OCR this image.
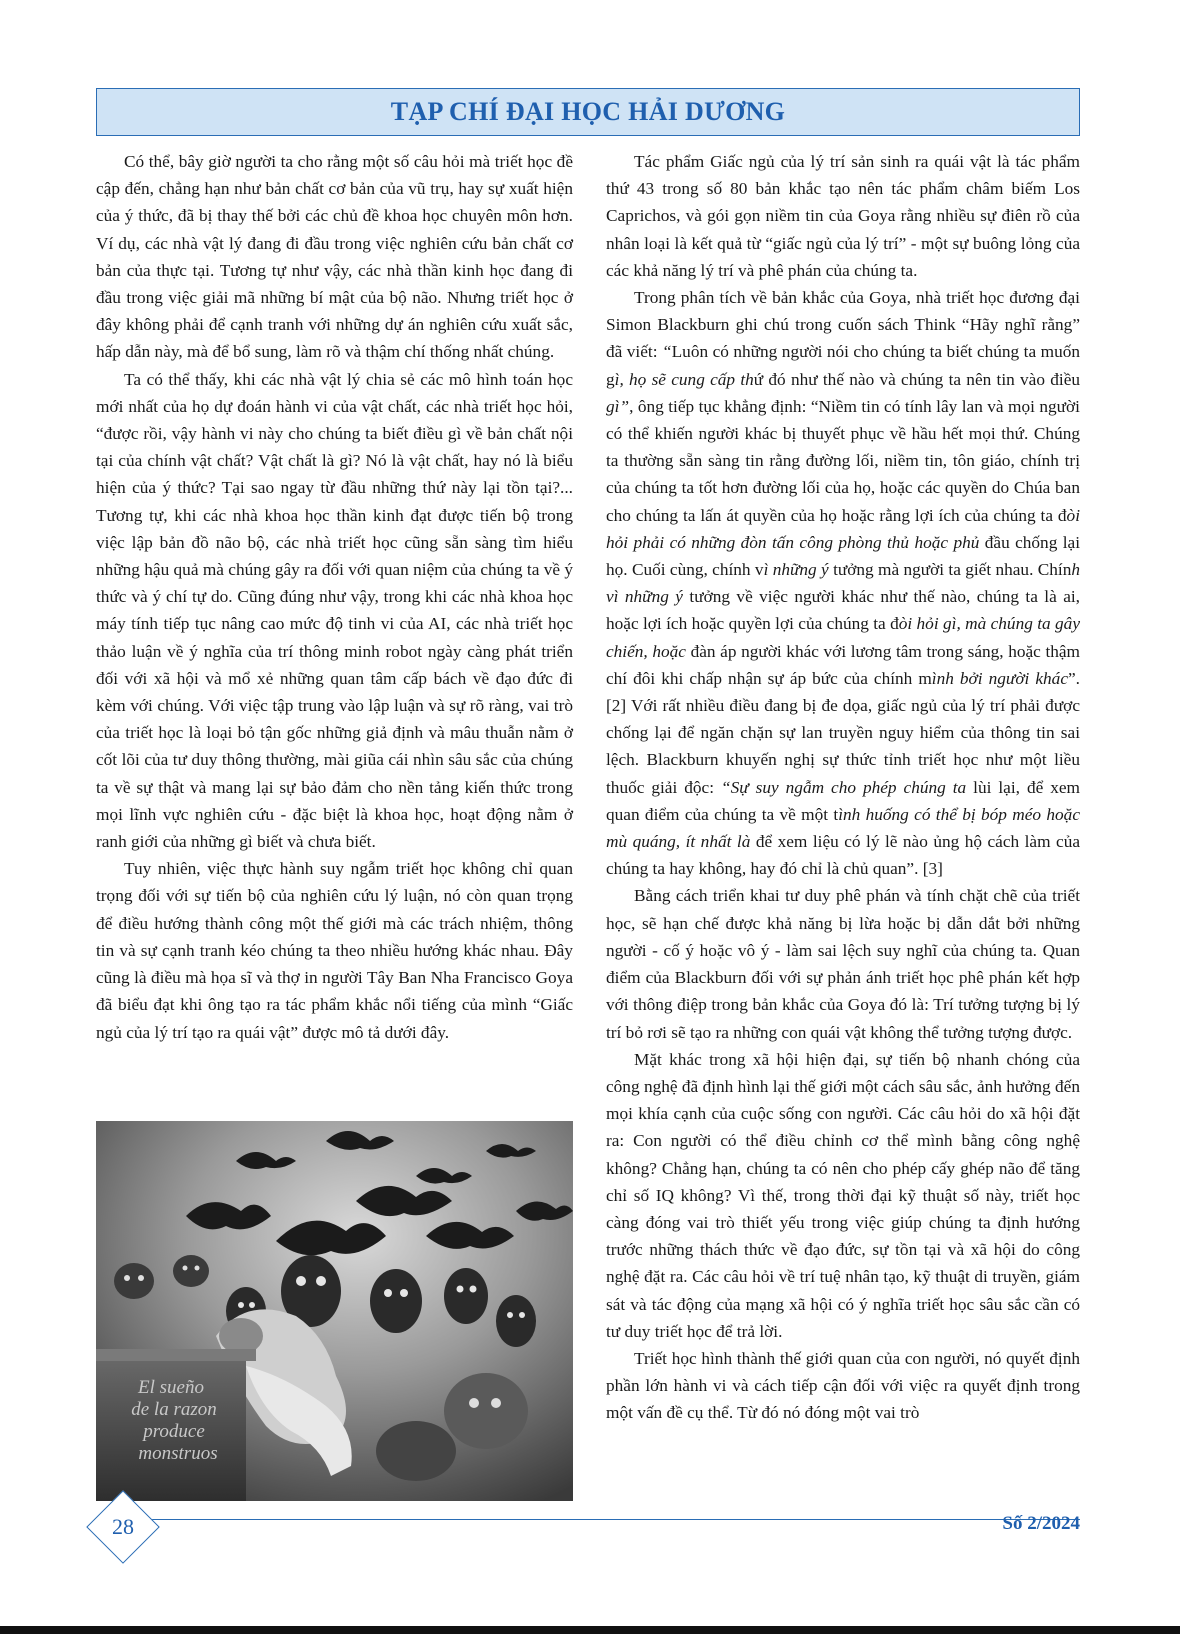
TẠP CHÍ ĐẠI HỌC HẢI DƯƠNG

Có thể, bây giờ người ta cho rằng một số câu hỏi mà triết học đề cập đến, chẳng hạn như bản chất cơ bản của vũ trụ, hay sự xuất hiện của ý thức, đã bị thay thế bởi các chủ đề khoa học chuyên môn hơn. Ví dụ, các nhà vật lý đang đi đầu trong việc nghiên cứu bản chất cơ bản của thực tại. Tương tự như vậy, các nhà thần kinh học đang đi đầu trong việc giải mã những bí mật của bộ não. Nhưng triết học ở đây không phải để cạnh tranh với những dự án nghiên cứu xuất sắc, hấp dẫn này, mà để bổ sung, làm rõ và thậm chí thống nhất chúng.

Ta có thể thấy, khi các nhà vật lý chia sẻ các mô hình toán học mới nhất của họ dự đoán hành vi của vật chất, các nhà triết học hỏi, “được rồi, vậy hành vi này cho chúng ta biết điều gì về bản chất nội tại của chính vật chất? Vật chất là gì? Nó là vật chất, hay nó là biểu hiện của ý thức? Tại sao ngay từ đầu những thứ này lại tồn tại?... Tương tự, khi các nhà khoa học thần kinh đạt được tiến bộ trong việc lập bản đồ não bộ, các nhà triết học cũng sẵn sàng tìm hiểu những hậu quả mà chúng gây ra đối với quan niệm của chúng ta về ý thức và ý chí tự do. Cũng đúng như vậy, trong khi các nhà khoa học máy tính tiếp tục nâng cao mức độ tinh vi của AI, các nhà triết học thảo luận về ý nghĩa của trí thông minh robot ngày càng phát triển đối với xã hội và mổ xẻ những quan tâm cấp bách về đạo đức đi kèm với chúng. Với việc tập trung vào lập luận và sự rõ ràng, vai trò của triết học là loại bỏ tận gốc những giả định và mâu thuẫn nằm ở cốt lõi của tư duy thông thường, mài giũa cái nhìn sâu sắc của chúng ta về sự thật và mang lại sự bảo đảm cho nền tảng kiến thức trong mọi lĩnh vực nghiên cứu - đặc biệt là khoa học, hoạt động nằm ở ranh giới của những gì biết và chưa biết.

Tuy nhiên, việc thực hành suy ngẫm triết học không chỉ quan trọng đối với sự tiến bộ của nghiên cứu lý luận, nó còn quan trọng để điều hướng thành công một thế giới mà các trách nhiệm, thông tin và sự cạnh tranh kéo chúng ta theo nhiều hướng khác nhau. Đây cũng là điều mà họa sĩ và thợ in người Tây Ban Nha Francisco Goya đã biểu đạt khi ông tạo ra tác phẩm khắc nổi tiếng của mình “Giấc ngủ của lý trí tạo ra quái vật” được mô tả dưới đây.

El sueño
de la razon
produce
monstruos

Tác phẩm Giấc ngủ của lý trí sản sinh ra quái vật là tác phẩm thứ 43 trong số 80 bản khắc tạo nên tác phẩm châm biếm Los Caprichos, và gói gọn niềm tin của Goya rằng nhiều sự điên rồ của nhân loại là kết quả từ “giấc ngủ của lý trí” - một sự buông lỏng của các khả năng lý trí và phê phán của chúng ta.

Trong phân tích về bản khắc của Goya, nhà triết học đương đại Simon Blackburn ghi chú trong cuốn sách Think “Hãy nghĩ rằng” đã viết: “Luôn có những người nói cho chúng ta biết chúng ta muốn gì, họ sẽ cung cấp thứ đó như thế nào và chúng ta nên tin vào điều gì”, ông tiếp tục khẳng định: “Niềm tin có tính lây lan và mọi người có thể khiến người khác bị thuyết phục về hầu hết mọi thứ. Chúng ta thường sẵn sàng tin rằng đường lối, niềm tin, tôn giáo, chính trị của chúng ta tốt hơn đường lối của họ, hoặc các quyền do Chúa ban cho chúng ta lấn át quyền của họ hoặc rằng lợi ích của chúng ta đòi hỏi phải có những đòn tấn công phòng thủ hoặc phủ đầu chống lại họ. Cuối cùng, chính vì những ý tưởng mà người ta giết nhau. Chính vì những ý tưởng về việc người khác như thế nào, chúng ta là ai, hoặc lợi ích hoặc quyền lợi của chúng ta đòi hỏi gì, mà chúng ta gây chiến, hoặc đàn áp người khác với lương tâm trong sáng, hoặc thậm chí đôi khi chấp nhận sự áp bức của chính mình bởi người khác”. [2] Với rất nhiều điều đang bị đe dọa, giấc ngủ của lý trí phải được chống lại để ngăn chặn sự lan truyền nguy hiểm của thông tin sai lệch. Blackburn khuyến nghị sự thức tỉnh triết học như một liều thuốc giải độc: “Sự suy ngẫm cho phép chúng ta lùi lại, để xem quan điểm của chúng ta về một tình huống có thể bị bóp méo hoặc mù quáng, ít nhất là để xem liệu có lý lẽ nào ủng hộ cách làm của chúng ta hay không, hay đó chỉ là chủ quan”. [3]

Bằng cách triển khai tư duy phê phán và tính chặt chẽ của triết học, sẽ hạn chế được khả năng bị lừa hoặc bị dẫn dắt bởi những người - cố ý hoặc vô ý - làm sai lệch suy nghĩ của chúng ta. Quan điểm của Blackburn đối với sự phản ánh triết học phê phán kết hợp với thông điệp trong bản khắc của Goya đó là: Trí tưởng tượng bị lý trí bỏ rơi sẽ tạo ra những con quái vật không thể tưởng tượng được.

Mặt khác trong xã hội hiện đại, sự tiến bộ nhanh chóng của công nghệ đã định hình lại thế giới một cách sâu sắc, ảnh hưởng đến mọi khía cạnh của cuộc sống con người. Các câu hỏi do xã hội đặt ra: Con người có thể điều chỉnh cơ thể mình bằng công nghệ không? Chẳng hạn, chúng ta có nên cho phép cấy ghép não để tăng chỉ số IQ không? Vì thế, trong thời đại kỹ thuật số này, triết học càng đóng vai trò thiết yếu trong việc giúp chúng ta định hướng trước những thách thức về đạo đức, sự tồn tại và xã hội do công nghệ đặt ra. Các câu hỏi về trí tuệ nhân tạo, kỹ thuật di truyền, giám sát và tác động của mạng xã hội có ý nghĩa triết học sâu sắc cần có tư duy triết học để trả lời.

Triết học hình thành thế giới quan của con người, nó quyết định phần lớn hành vi và cách tiếp cận đối với việc ra quyết định trong một vấn đề cụ thể. Từ đó nó đóng một vai trò

28	Số 2/2024
